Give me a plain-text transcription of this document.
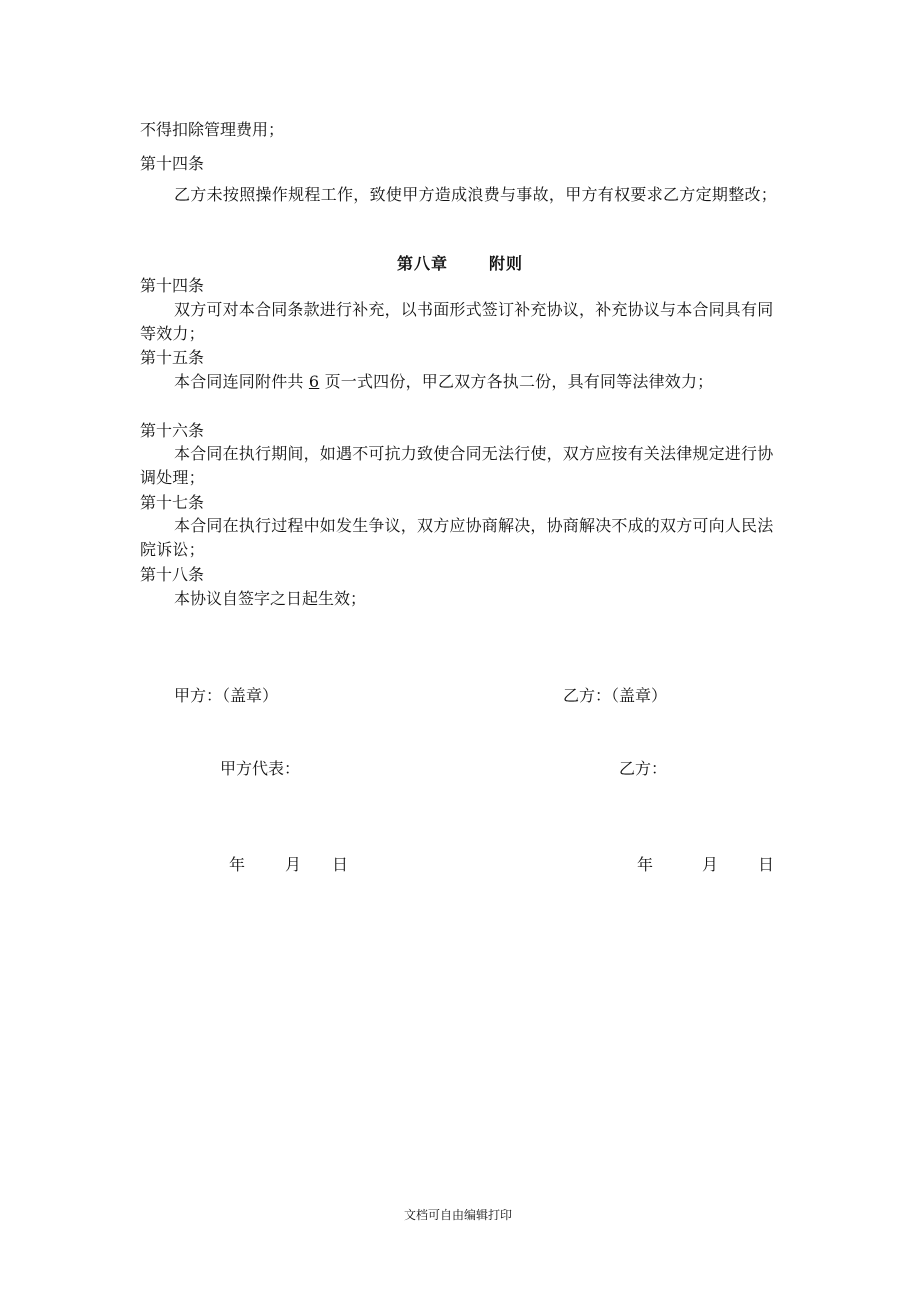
不得扣除管理费用；
第十四条
乙方未按照操作规程工作，致使甲方造成浪费与事故，甲方有权要求乙方定期整改；
第八章	附则
第十四条
双方可对本合同条款进行补充，以书面形式签订补充协议，补充协议与本合同具有同等效力；
第十五条
本合同连同附件共 6 页一式四份，甲乙双方各执二份，具有同等法律效力；
第十六条
本合同在执行期间，如遇不可抗力致使合同无法行使，双方应按有关法律规定进行协调处理；
第十七条
本合同在执行过程中如发生争议，双方应协商解决，协商解决不成的双方可向人民法院诉讼；
第十八条
本协议自签字之日起生效；
甲方：（盖章）	乙方：（盖章）
甲方代表：	乙方：
年 月 日	年	月 日
文档可自由编辑打印
